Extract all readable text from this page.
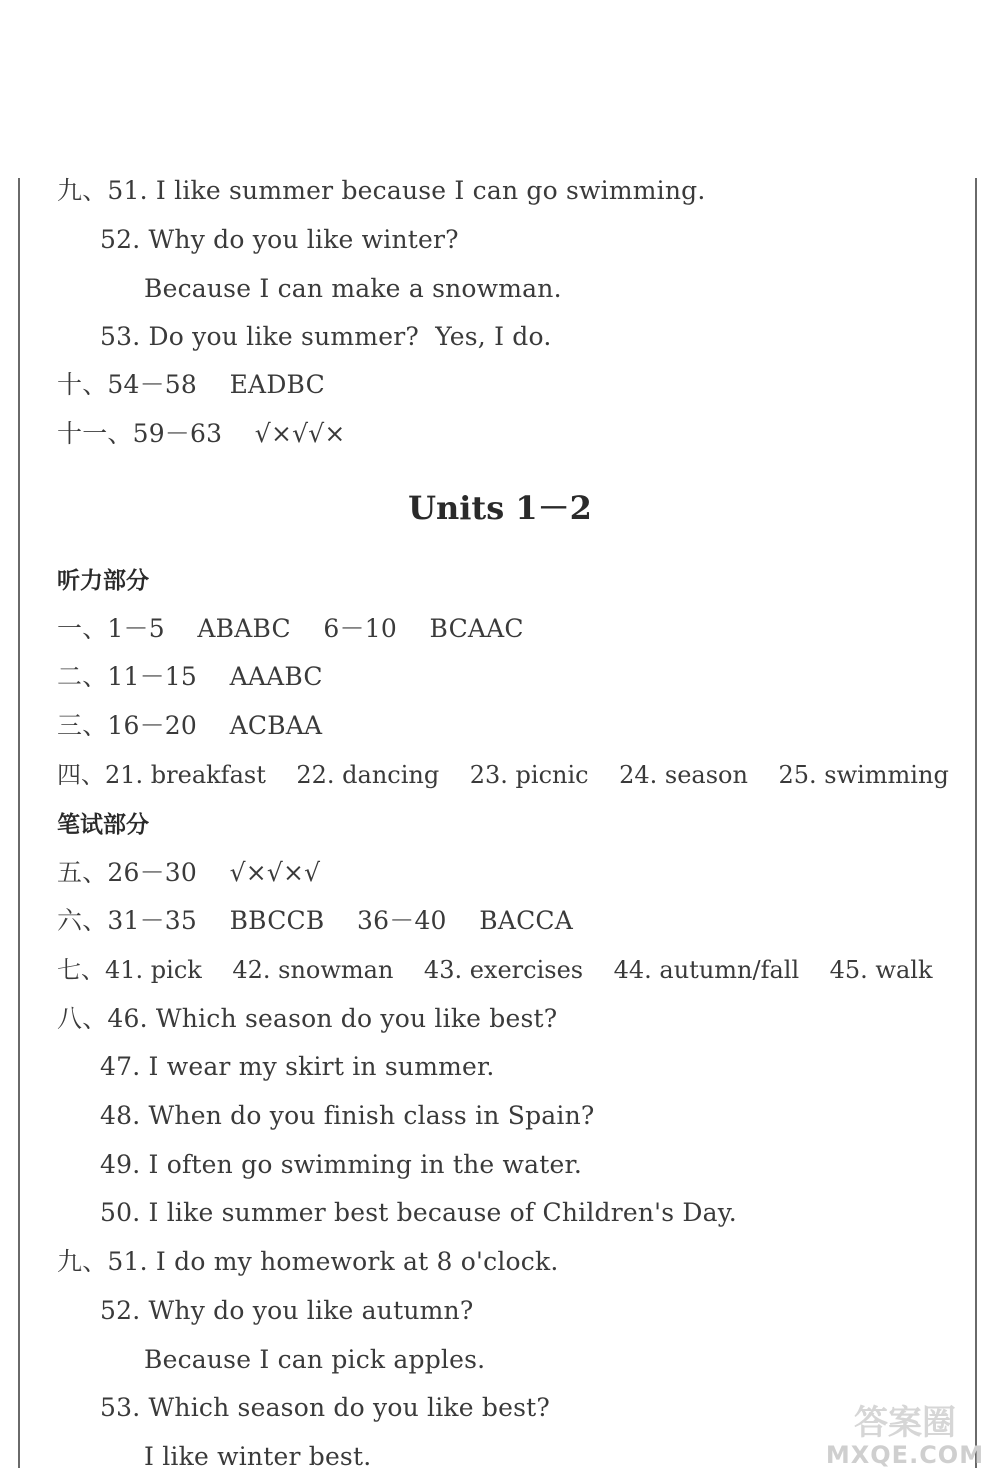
九、51. I like summer because I can go swimming.
52. Why do you like winter?
Because I can make a snowman.
53. Do you like summer?  Yes, I do.
十、54－58    EADBC
十一、59－63    √×√√×
Units 1－2
听力部分
一、1－5    ABABC    6－10    BCAAC
二、11－15    AAABC
三、16－20    ACBAA
四、21. breakfast    22. dancing    23. picnic    24. season    25. swimming
笔试部分
五、26－30    √×√×√
六、31－35    BBCCB    36－40    BACCA
七、41. pick    42. snowman    43. exercises    44. autumn/fall    45. walk
八、46. Which season do you like best?
47. I wear my skirt in summer.
48. When do you finish class in Spain?
49. I often go swimming in the water.
50. I like summer best because of Children's Day.
九、51. I do my homework at 8 o'clock.
52. Why do you like autumn?
Because I can pick apples.
53. Which season do you like best?
I like winter best.
答案圈
MXQE.COM
